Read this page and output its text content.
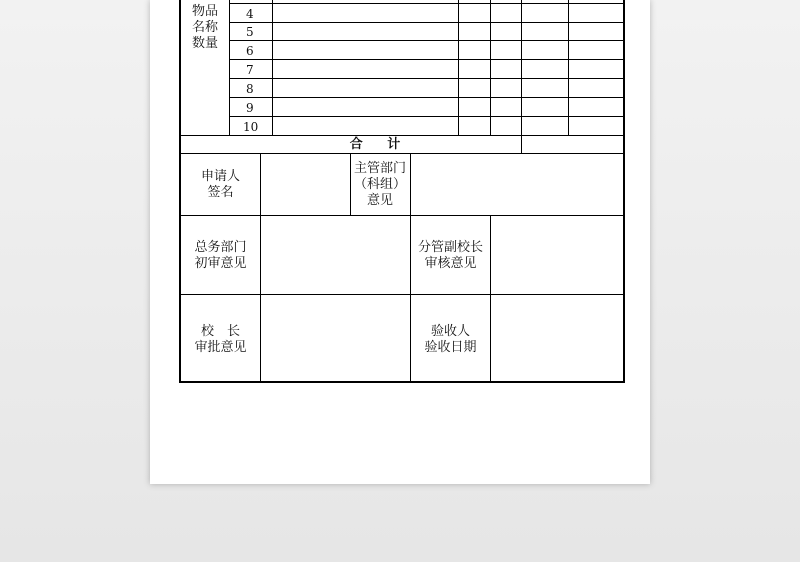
物品
名称
数量
4
5
6
7
8
9
10
合 计
申请人
签名
主管部门
（科组）
意见
总务部门
初审意见
分管副校长
审核意见
校　长
审批意见
验收人
验收日期
